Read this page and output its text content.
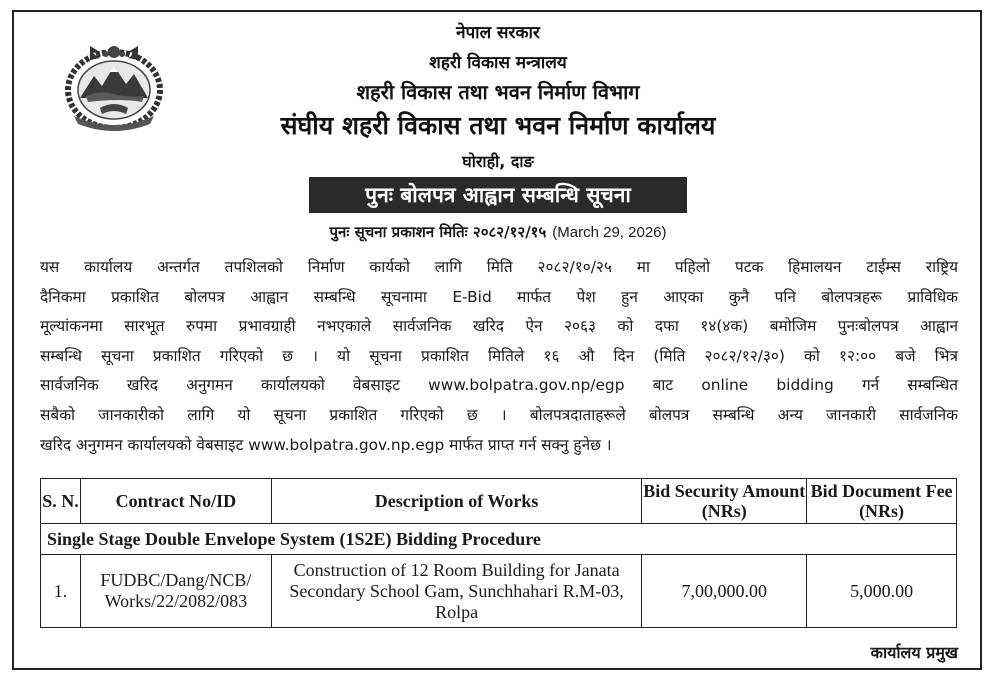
नेपाल सरकार
शहरी विकास मन्त्रालय
शहरी विकास तथा भवन निर्माण विभाग
संघीय शहरी विकास तथा भवन निर्माण कार्यालय
घोराही, दाङ
पुनः बोलपत्र आह्वान सम्बन्धि सूचना
पुनः सूचना प्रकाशन मितिः २०८२/१२/१५ (March 29, 2026)
यस कार्यालय अन्तर्गत तपशिलको निर्माण कार्यको लागि मिति २०८२/१०/२५ मा पहिलो पटक हिमालयन टाईम्स राष्ट्रिय
दैनिकमा प्रकाशित बोलपत्र आह्वान सम्बन्धि सूचनामा E-Bid मार्फत पेश हुन आएका कुनै पनि बोलपत्रहरू प्राविधिक
मूल्यांकनमा सारभूत रुपमा प्रभावग्राही नभएकाले सार्वजनिक खरिद ऐन २०६३ को दफा १४(४क) बमोजिम पुनःबोलपत्र आह्वान
सम्बन्धि सूचना प्रकाशित गरिएको छ । यो सूचना प्रकाशित मितिले १६ औ दिन (मिति २०८२/१२/३०) को १२:०० बजे भित्र
सार्वजनिक खरिद अनुगमन कार्यालयको वेबसाइट www.bolpatra.gov.np/egp बाट online bidding गर्न सम्बन्धित
सबैको जानकारीको लागि यो सूचना प्रकाशित गरिएको छ । बोलपत्रदाताहरूले बोलपत्र सम्बन्धि अन्य जानकारी सार्वजनिक
खरिद अनुगमन कार्यालयको वेबसाइट www.bolpatra.gov.np.egp मार्फत प्राप्त गर्न सक्नु हुनेछ ।
S. N.	Contract No/ID	Description of Works	Bid Security Amount (NRs)	Bid Document Fee (NRs)
Single Stage Double Envelope System (1S2E) Bidding Procedure				
1.	FUDBC/Dang/NCB/ Works/22/2082/083	Construction of 12 Room Building for Janata Secondary School Gam, Sunchhahari R.M-03, Rolpa	7,00,000.00	5,000.00
कार्यालय प्रमुख
